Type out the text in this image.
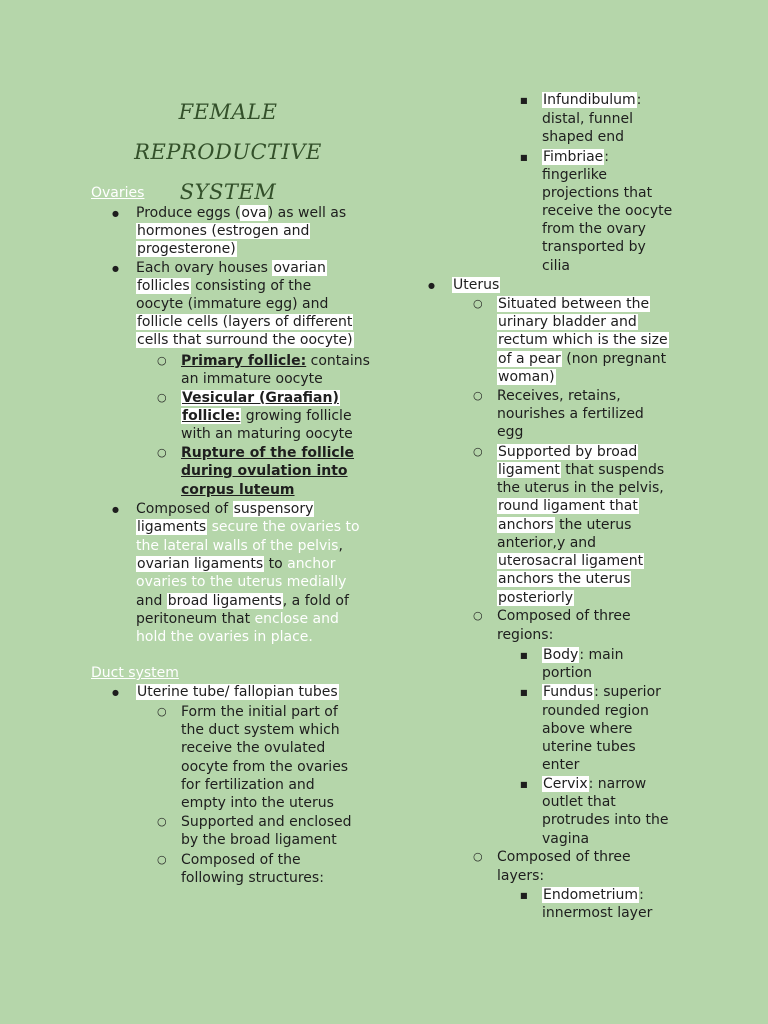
FEMALE REPRODUCTIVE
SYSTEM
Ovaries
● Produce eggs (ova) as well as
hormones (estrogen and
progesterone)
● Each ovary houses ovarian
follicles consisting of the
oocyte (immature egg) and
follicle cells (layers of different
cells that surround the oocyte)
○ Primary follicle: contains
an immature oocyte
○ Vesicular (Graafian)
follicle: growing follicle
with an maturing oocyte
○ Rupture of the follicle
during ovulation into
corpus luteum
● Composed of suspensory
ligaments secure the ovaries to
the lateral walls of the pelvis,
ovarian ligaments to anchor
ovaries to the uterus medially
and broad ligaments, a fold of
peritoneum that enclose and
hold the ovaries in place.
Duct system
● Uterine tube/ fallopian tubes
○ Form the initial part of
the duct system which
receive the ovulated
oocyte from the ovaries
for fertilization and
empty into the uterus
○ Supported and enclosed
by the broad ligament
○ Composed of the
following structures:
■ Infundibulum:
distal, funnel
shaped end
■ Fimbriae:
fingerlike
projections that
receive the oocyte
from the ovary
transported by
cilia
● Uterus
○ Situated between the
urinary bladder and
rectum which is the size
of a pear (non pregnant
woman)
○ Receives, retains,
nourishes a fertilized
egg
○ Supported by broad
ligament that suspends
the uterus in the pelvis,
round ligament that
anchors the uterus
anterior,y and
uterosacral ligament
anchors the uterus
posteriorly
○ Composed of three
regions:
■ Body: main
portion
■ Fundus: superior
rounded region
above where
uterine tubes
enter
■ Cervix: narrow
outlet that
protrudes into the
vagina
○ Composed of three
layers:
■ Endometrium:
innermost layer
